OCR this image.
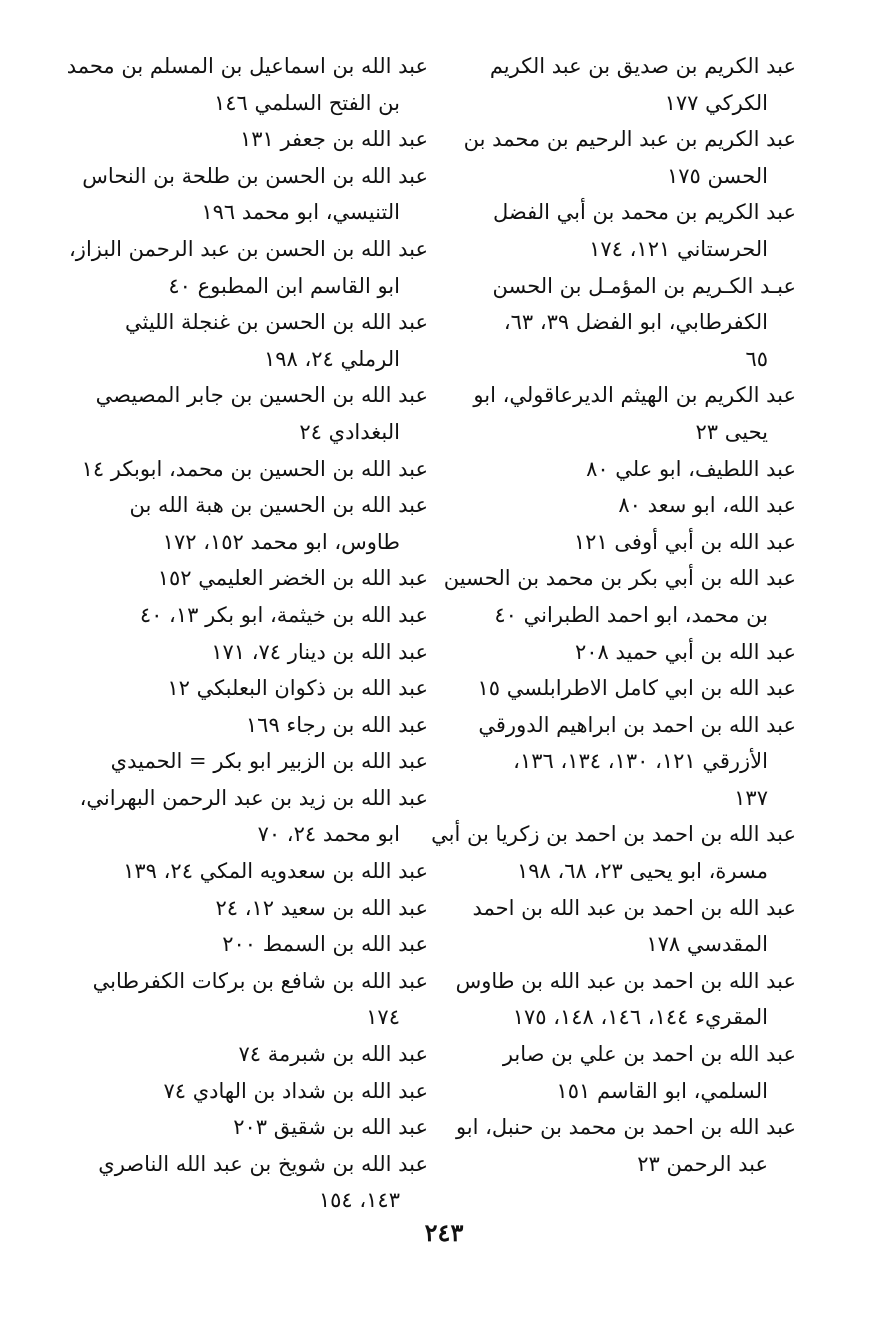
عبد الكريم بن صديق بن عبد الكريم
الكركي ١٧٧
عبد الكريم بن عبد الرحيم بن محمد بن
الحسن ١٧٥
عبد الكريم بن محمد بن أبي الفضل
الحرستاني ١٢١، ١٧٤
عبـد الكـريم بن المؤمـل بن الحسن
الكفرطابي، ابو الفضل ٣٩، ٦٣،
٦٥
عبد الكريم بن الهيثم الديرعاقولي، ابو
يحيى ٢٣
عبد اللطيف، ابو علي ٨٠
عبد الله، ابو سعد ٨٠
عبد الله بن أبي أوفى ١٢١
عبد الله بن أبي بكر بن محمد بن الحسين
بن محمد، ابو احمد الطبراني ٤٠
عبد الله بن أبي حميد ٢٠٨
عبد الله بن ابي كامل الاطرابلسي ١٥
عبد الله بن احمد بن ابراهيم الدورقي
الأزرقي ١٢١، ١٣٠، ١٣٤، ١٣٦،
١٣٧
عبد الله بن احمد بن احمد بن زكريا بن أبي
مسرة، ابو يحيى ٢٣، ٦٨، ١٩٨
عبد الله بن احمد بن عبد الله بن احمد
المقدسي ١٧٨
عبد الله بن احمد بن عبد الله بن طاوس
المقريء ١٤٤، ١٤٦، ١٤٨، ١٧٥
عبد الله بن احمد بن علي بن صابر
السلمي، ابو القاسم ١٥١
عبد الله بن احمد بن محمد بن حنبل، ابو
عبد الرحمن ٢٣
عبد الله بن اسماعيل بن المسلم بن محمد
بن الفتح السلمي ١٤٦
عبد الله بن جعفر ١٣١
عبد الله بن الحسن بن طلحة بن النحاس
التنيسي، ابو محمد ١٩٦
عبد الله بن الحسن بن عبد الرحمن البزاز،
ابو القاسم ابن المطبوع ٤٠
عبد الله بن الحسن بن غنجلة الليثي
الرملي ٢٤، ١٩٨
عبد الله بن الحسين بن جابر المصيصي
البغدادي ٢٤
عبد الله بن الحسين بن محمد، ابوبكر ١٤
عبد الله بن الحسين بن هبة الله بن
طاوس، ابو محمد ١٥٢، ١٧٢
عبد الله بن الخضر العليمي ١٥٢
عبد الله بن خيثمة، ابو بكر ١٣، ٤٠
عبد الله بن دينار ٧٤، ١٧١
عبد الله بن ذكوان البعلبكي ١٢
عبد الله بن رجاء ١٦٩
عبد الله بن الزبير ابو بكر = الحميدي
عبد الله بن زيد بن عبد الرحمن البهراني،
ابو محمد ٢٤، ٧٠
عبد الله بن سعدويه المكي ٢٤، ١٣٩
عبد الله بن سعيد ١٢، ٢٤
عبد الله بن السمط ٢٠٠
عبد الله بن شافع بن بركات الكفرطابي
١٧٤
عبد الله بن شبرمة ٧٤
عبد الله بن شداد بن الهادي ٧٤
عبد الله بن شقيق ٢٠٣
عبد الله بن شويخ بن عبد الله الناصري
١٤٣، ١٥٤
٢٤٣
